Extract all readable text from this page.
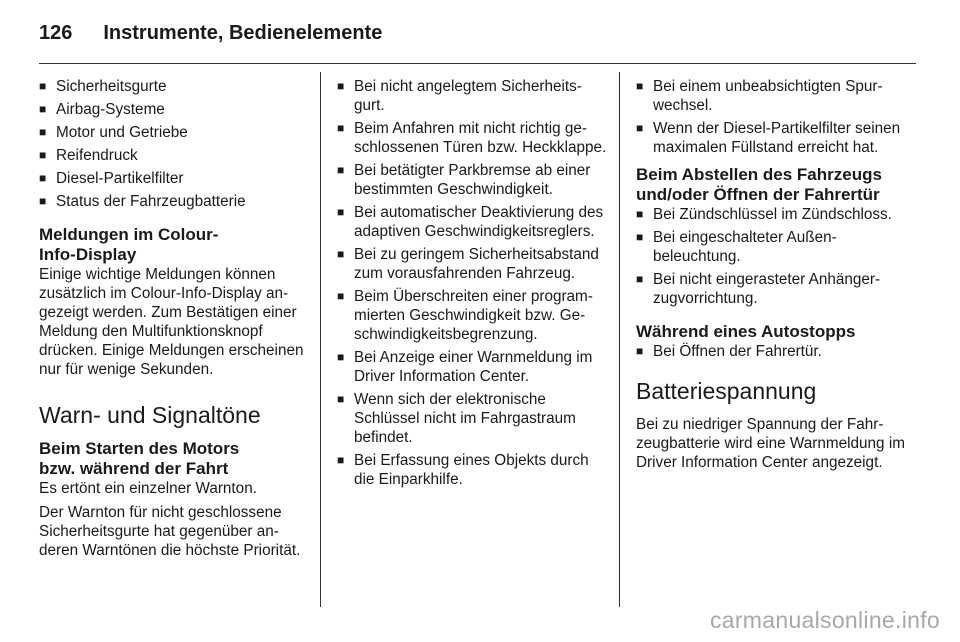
126 Instrumente, Bedienelemente
■ Sicherheitsgurte
■ Airbag-Systeme
■ Motor und Getriebe
■ Reifendruck
■ Diesel-Partikelfilter
■ Status der Fahrzeugbatterie
Meldungen im Colour-Info-Display

Einige wichtige Meldungen können zusätzlich im Colour-Info-Display angezeigt werden. Zum Bestätigen einer Meldung den Multifunktionsknopf drücken. Einige Meldungen erscheinen nur für wenige Sekunden.

Warn- und Signaltöne
Beim Starten des Motors bzw. während der Fahrt

Es ertönt ein einzelner Warnton.

Der Warnton für nicht geschlossene Sicherheitsgurte hat gegenüber anderen Warntönen die höchste Priorität.

■ Bei nicht angelegtem Sicherheitsgurt.
■ Beim Anfahren mit nicht richtig geschlossenen Türen bzw. Heckklappe.
■ Bei betätigter Parkbremse ab einer bestimmten Geschwindigkeit.
■ Bei automatischer Deaktivierung des adaptiven Geschwindigkeitsreglers.
■ Bei zu geringem Sicherheitsabstand zum vorausfahrenden Fahrzeug.
■ Beim Überschreiten einer programmierten Geschwindigkeit bzw. Geschwindigkeitsbegrenzung.
■ Bei Anzeige einer Warnmeldung im Driver Information Center.
■ Wenn sich der elektronische Schlüssel nicht im Fahrgastraum befindet.
■ Bei Erfassung eines Objekts durch die Einparkhilfe.
■ Bei einem unbeabsichtigten Spurwechsel.
■ Wenn der Diesel-Partikelfilter seinen maximalen Füllstand erreicht hat.
Beim Abstellen des Fahrzeugs und/oder Öffnen der Fahrertür
■ Bei Zündschlüssel im Zündschloss.
■ Bei eingeschalteter Außenbeleuchtung.
■ Bei nicht eingerasteter Anhängerzugvorrichtung.
Während eines Autostopps
■ Bei Öffnen der Fahrertür.
Batteriespannung

Bei zu niedriger Spannung der Fahrzeugbatterie wird eine Warnmeldung im Driver Information Center angezeigt.

carmanualsonline.info
